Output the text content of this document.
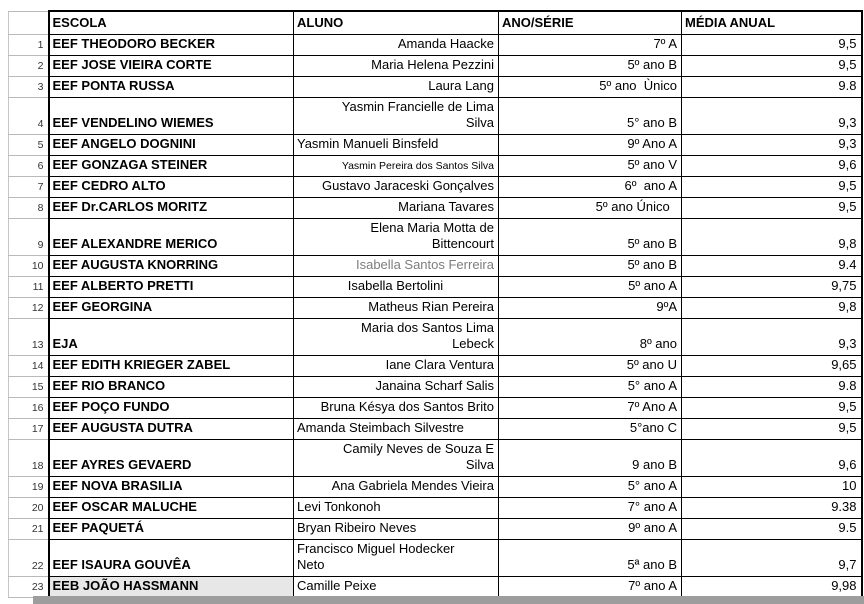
	ESCOLA	ALUNO	ANO/SÉRIE	MÉDIA ANUAL
1	EEF THEODORO BECKER	Amanda Haacke	7º A	9,5
2	EEF JOSE VIEIRA CORTE	Maria Helena Pezzini	5º ano B	9,5
3	EEF PONTA RUSSA	Laura Lang	5º ano  Ùnico	9.8
4	EEF VENDELINO WIEMES	Yasmin Francielle de Lima
Silva	5° ano B	9,3
5	EEF ANGELO DOGNINI	Yasmin Manueli Binsfeld	9º Ano A	9,3
6	EEF GONZAGA STEINER	Yasmin Pereira dos Santos Silva	5º ano V	9,6
7	EEF CEDRO ALTO	Gustavo Jaraceski Gonçalves	6º  ano A	9,5
8	EEF Dr.CARLOS MORITZ	Mariana Tavares	5º ano Único	9,5
9	EEF ALEXANDRE MERICO	Elena Maria Motta de
Bittencourt	5º ano B	9,8
10	EEF AUGUSTA KNORRING	Isabella Santos Ferreira	5º ano B	9.4
11	EEF ALBERTO PRETTI	Isabella Bertolini	5º ano A	9,75
12	EEF GEORGINA	Matheus Rian Pereira	9ºA	9,8
13	EJA	Maria dos Santos Lima
Lebeck	8º ano	9,3
14	EEF EDITH KRIEGER ZABEL	Iane Clara Ventura	5º ano U	9,65
15	EEF RIO BRANCO	Janaina Scharf Salis	5° ano A	9.8
16	EEF POÇO FUNDO	Bruna Késya dos Santos Brito	7º Ano A	9,5
17	EEF AUGUSTA DUTRA	Amanda Steimbach Silvestre	5°ano C	9,5
18	EEF AYRES GEVAERD	Camily Neves de Souza E
Silva	9 ano B	9,6
19	EEF NOVA BRASILIA	Ana Gabriela Mendes Vieira	5° ano A	10
20	EEF OSCAR MALUCHE	Levi Tonkonoh	7° ano A	9.38
21	EEF PAQUETÁ	Bryan Ribeiro Neves	9º ano A	9.5
22	EEF ISAURA GOUVÊA	Francisco Miguel Hodecker
Neto	5ª ano B	9,7
23	EEB JOÃO HASSMANN	Camille Peixe	7º ano A	9,98
